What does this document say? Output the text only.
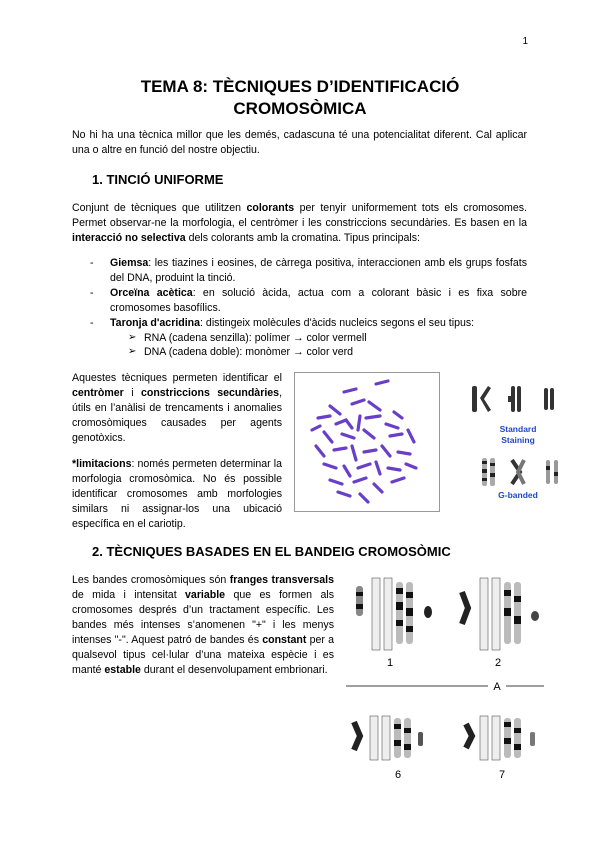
1
TEMA 8: TÈCNIQUES D’IDENTIFICACIÓ
CROMOSÒMICA

No hi ha una tècnica millor que les demés, cadascuna té una potencialitat diferent. Cal aplicar una o altre en funció del nostre objectiu.

1. TINCIÓ UNIFORME

Conjunt de tècniques que utilitzen colorants per tenyir uniformement tots els cromosomes. Permet observar-ne la morfologia, el centròmer i les constriccions secundàries. Es basen en la interacció no selectiva dels colorants amb la cromatina. Tipus principals:

- Giemsa: les tiazines i eosines, de càrrega positiva, interaccionen amb els grups fosfats del DNA, produint la tinció.
- Orceïna acètica: en solució àcida, actua com a colorant bàsic i es fixa sobre cromosomes basofílics.
- Taronja d'acridina: distingeix molècules d'àcids nucleics segons el seu tipus:
➢ RNA (cadena senzilla): polímer → color vermell
➢ DNA (cadena doble): monòmer → color verd

Aquestes tècniques permeten identificar el centròmer i constriccions secundàries, útils en l’anàlisi de trencaments i anomalies cromosòmiques causades per agents genotòxics.

*limitacions: només permeten determinar la morfologia cromosòmica. No és possible identificar cromosomes amb morfologies similars ni assignar-los una ubicació específica en el cariotip.

Standard
Staining
G-banded
2. TÈCNIQUES BASADES EN EL BANDEIG CROMOSÒMIC

Les bandes cromosòmiques són franges transversals de mida i intensitat variable que es formen als cromosomes després d’un tractament específic. Les bandes més intenses s’anomenen "+" i les menys intenses "-". Aquest patró de bandes és constant per a qualsevol tipus cel·lular d’una mateixa espècie i es manté estable durant el desenvolupament embrionari.

1	2
A
6	7
